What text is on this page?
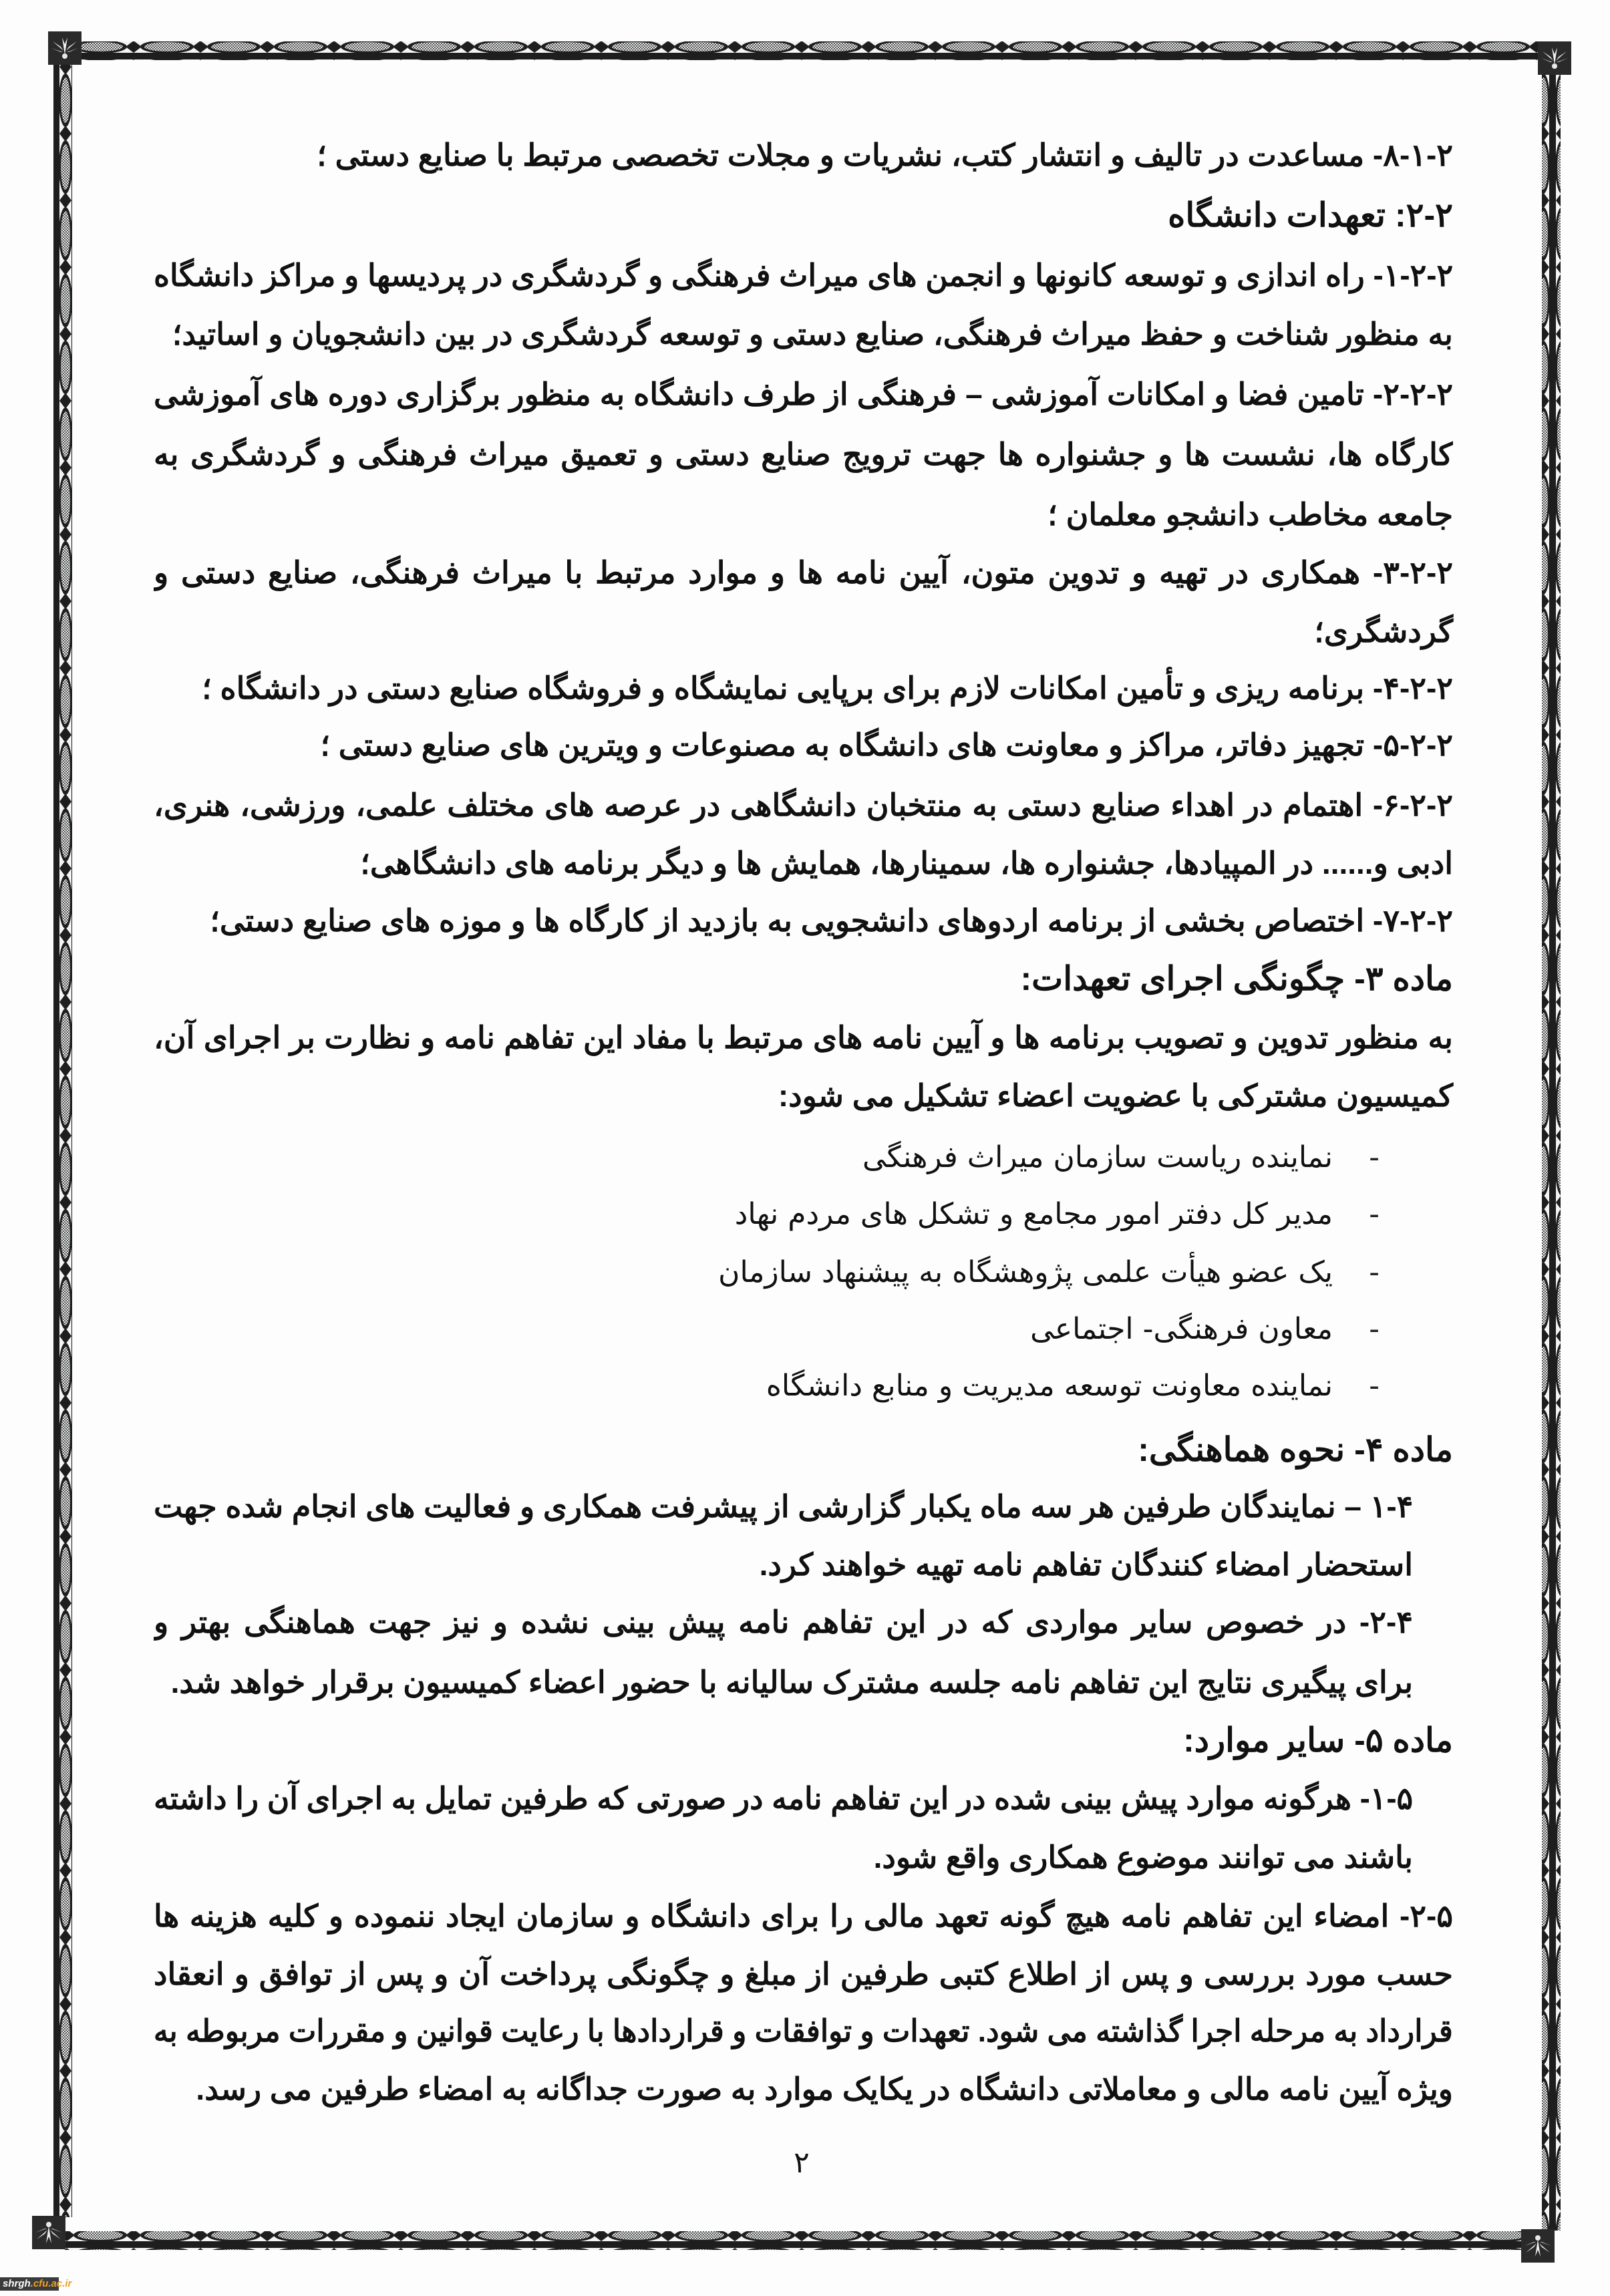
۸-۱-۲- مساعدت در تالیف و انتشار کتب، نشریات و مجلات تخصصی مرتبط با صنایع دستی ؛
۲-۲: تعهدات دانشگاه
۱-۲-۲- راه اندازی و توسعه کانونها و انجمن های میراث فرهنگی و گردشگری در پردیسها و مراکز دانشگاه
به منظور شناخت و حفظ میراث فرهنگی، صنایع دستی و توسعه گردشگری در بین دانشجویان و اساتید؛
۲-۲-۲- تامین فضا و امکانات آموزشی – فرهنگی از طرف دانشگاه به منظور برگزاری دوره های آموزشی
کارگاه ها، نشست ها و جشنواره ها جهت ترویج صنایع دستی و تعمیق میراث فرهنگی و گردشگری به
جامعه مخاطب دانشجو معلمان ؛
۳-۲-۲- همکاری در تهیه و تدوین متون، آیین نامه ها و موارد مرتبط با میراث فرهنگی، صنایع دستی و
گردشگری؛
۴-۲-۲- برنامه ریزی و تأمین امکانات لازم برای برپایی نمایشگاه و فروشگاه صنایع دستی در دانشگاه ؛
۵-۲-۲- تجهیز دفاتر، مراکز و معاونت های دانشگاه به مصنوعات و ویترین های صنایع دستی ؛
۶-۲-۲- اهتمام در اهداء صنایع دستی به منتخبان دانشگاهی در عرصه های مختلف علمی، ورزشی، هنری،
ادبی و...... در المپیادها، جشنواره ها، سمینارها، همایش ها و دیگر برنامه های دانشگاهی؛
۷-۲-۲- اختصاص بخشی از برنامه اردوهای دانشجویی به بازدید از کارگاه ها و موزه های صنایع دستی؛
ماده ۳- چگونگی اجرای تعهدات:
به منظور تدوین و تصویب برنامه ها و آیین نامه های مرتبط با مفاد این تفاهم نامه و نظارت بر اجرای آن،
کمیسیون مشترکی با عضویت اعضاء تشکیل می شود:
-
نماینده ریاست سازمان میراث فرهنگی
-
مدیر کل دفتر امور مجامع و تشکل های مردم نهاد
-
یک عضو هیأت علمی پژوهشگاه به پیشنهاد سازمان
-
معاون فرهنگی- اجتماعی
-
نماینده معاونت توسعه مدیریت و منابع دانشگاه
ماده ۴- نحوه هماهنگی:
۱-۴ – نمایندگان طرفین هر سه ماه یکبار گزارشی از پیشرفت همکاری و فعالیت های انجام شده جهت
استحضار امضاء کنندگان تفاهم نامه تهیه خواهند کرد.
۲-۴- در خصوص سایر مواردی که در این تفاهم نامه پیش بینی نشده و نیز جهت هماهنگی بهتر و
برای پیگیری نتایج این تفاهم نامه جلسه مشترک سالیانه با حضور اعضاء کمیسیون برقرار خواهد شد.
ماده ۵- سایر موارد:
۱-۵- هرگونه موارد پیش بینی شده در این تفاهم نامه در صورتی که طرفین تمایل به اجرای آن را داشته
باشند می توانند موضوع همکاری واقع شود.
۲-۵- امضاء این تفاهم نامه هیچ گونه تعهد مالی را برای دانشگاه و سازمان ایجاد ننموده و کلیه هزینه ها
حسب مورد بررسی و پس از اطلاع کتبی طرفین از مبلغ و چگونگی پرداخت آن و پس از توافق و انعقاد
قرارداد به مرحله اجرا گذاشته می شود. تعهدات و توافقات و قراردادها با رعایت قوانین و مقررات مربوطه به
ویژه آیین نامه مالی و معاملاتی دانشگاه در یکایک موارد به صورت جداگانه به امضاء طرفین می رسد.
۲
shrgh.cfu.ac.ir
